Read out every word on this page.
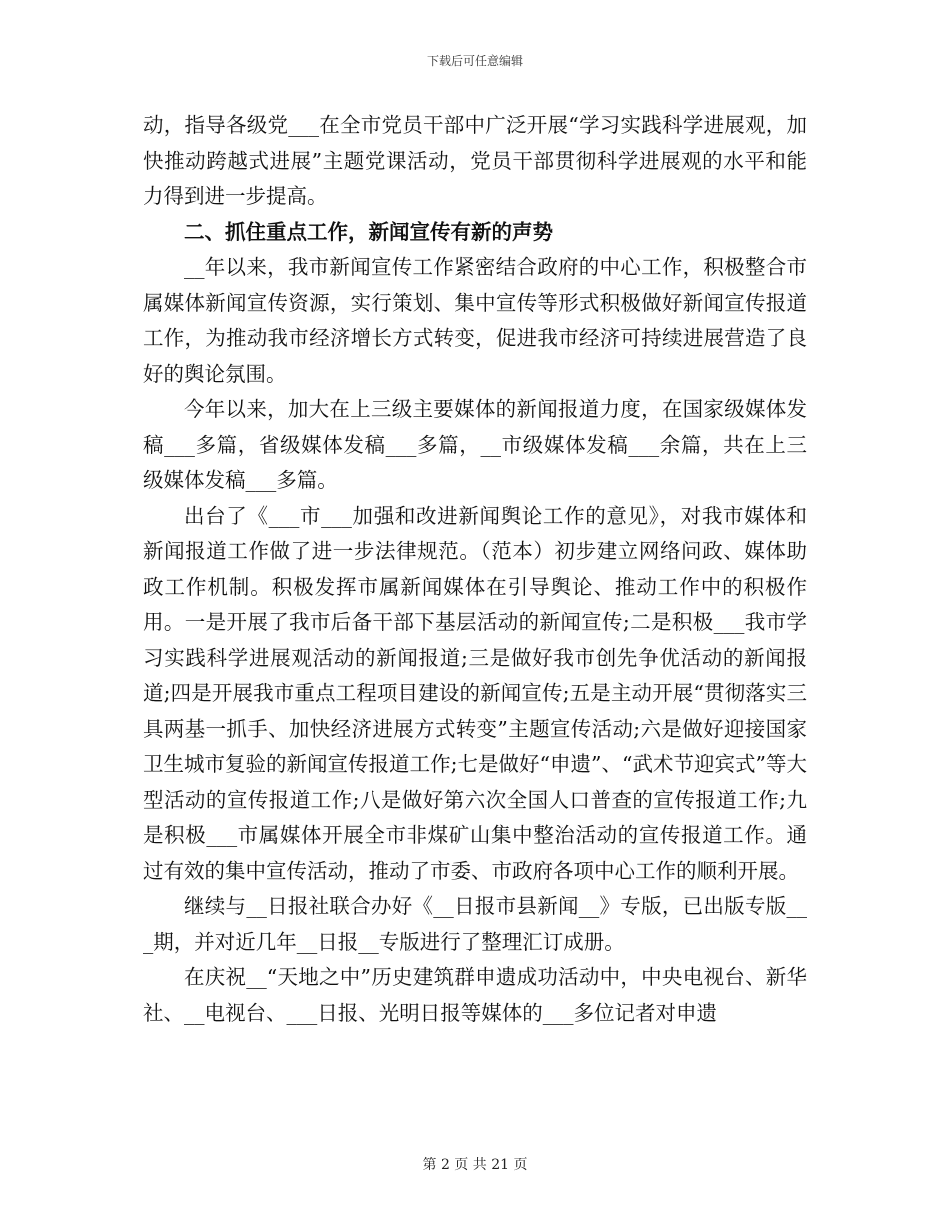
下载后可任意编辑

动，指导各级党___在全市党员干部中广泛开展“学习实践科学进展观，加快推动跨越式进展”主题党课活动，党员干部贯彻科学进展观的水平和能力得到进一步提高。

二、抓住重点工作，新闻宣传有新的声势

__年以来，我市新闻宣传工作紧密结合政府的中心工作，积极整合市属媒体新闻宣传资源，实行策划、集中宣传等形式积极做好新闻宣传报道工作，为推动我市经济增长方式转变，促进我市经济可持续进展营造了良好的舆论氛围。

今年以来，加大在上三级主要媒体的新闻报道力度，在国家级媒体发稿___多篇，省级媒体发稿___多篇，__市级媒体发稿___余篇，共在上三级媒体发稿___多篇。

出台了《___市___加强和改进新闻舆论工作的意见》，对我市媒体和新闻报道工作做了进一步法律规范。（范本）初步建立网络问政、媒体助政工作机制。积极发挥市属新闻媒体在引导舆论、推动工作中的积极作用。一是开展了我市后备干部下基层活动的新闻宣传;二是积极___我市学习实践科学进展观活动的新闻报道;三是做好我市创先争优活动的新闻报道;四是开展我市重点工程项目建设的新闻宣传;五是主动开展“贯彻落实三具两基一抓手、加快经济进展方式转变”主题宣传活动;六是做好迎接国家卫生城市复验的新闻宣传报道工作;七是做好“申遗”、“武术节迎宾式”等大型活动的宣传报道工作;八是做好第六次全国人口普查的宣传报道工作;九是积极___市属媒体开展全市非煤矿山集中整治活动的宣传报道工作。通过有效的集中宣传活动，推动了市委、市政府各项中心工作的顺利开展。

继续与__日报社联合办好《__日报市县新闻__》专版，已出版专版___期，并对近几年__日报__专版进行了整理汇订成册。

在庆祝__“天地之中”历史建筑群申遗成功活动中，中央电视台、新华社、__电视台、___日报、光明日报等媒体的___多位记者对申遗

第 2 页 共 21 页
